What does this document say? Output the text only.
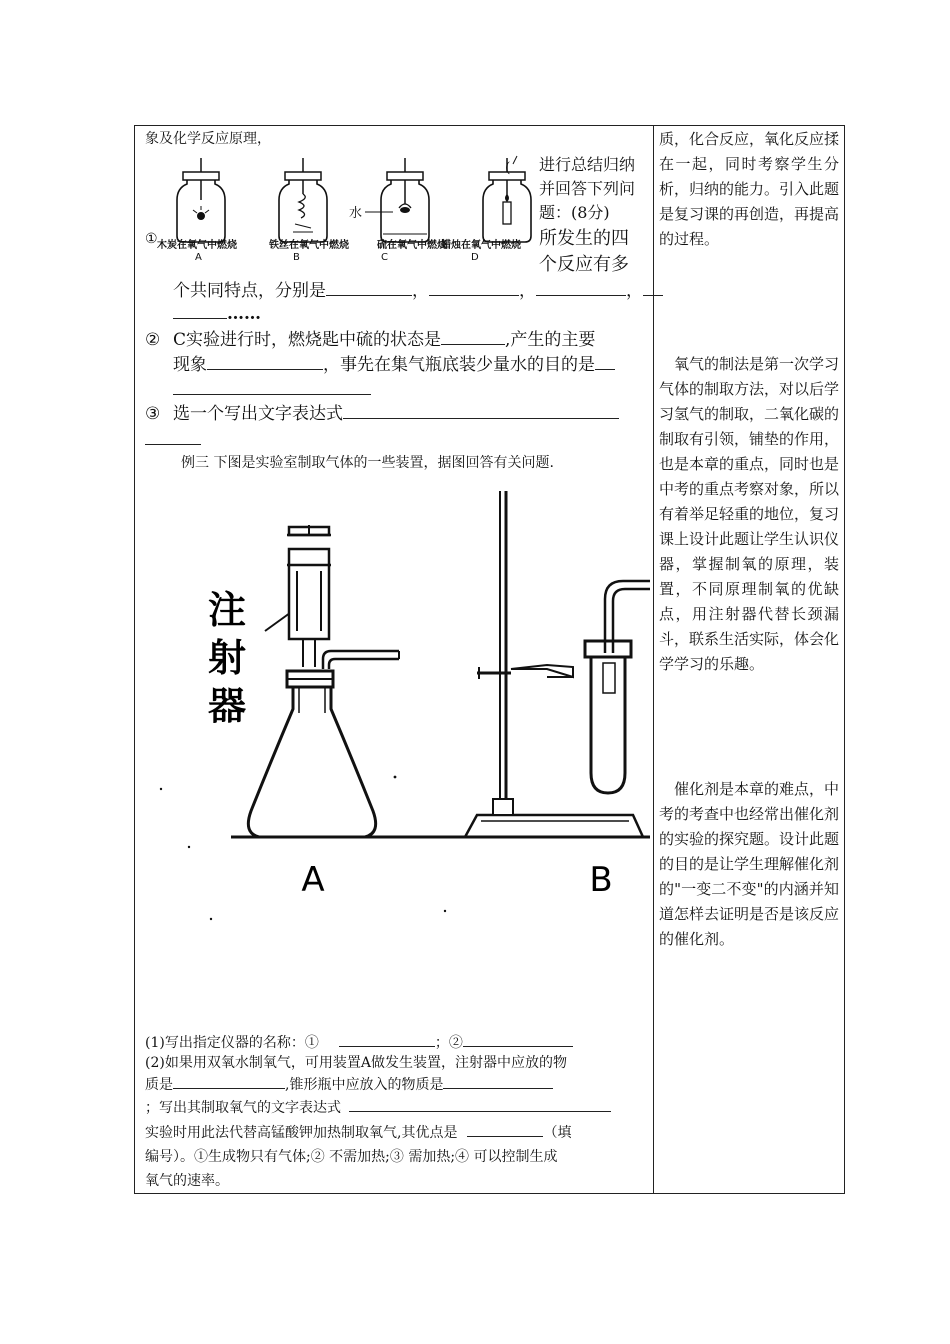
象及化学反应原理，
水
① 木炭在氧气中燃烧	铁丝在氧气中燃烧	硫在氧气中燃烧
蜡烛在氧气中燃烧
A	B	C	D
( 进行总结归纳
并回答下列问
题：(8分)
所发生的四
个反应有多
个共同特点，分别是	，	，	，
……
② C实验进行时，燃烧匙中硫的状态是	,产生的主要
现象	，事先在集气瓶底装少量水的目的是
③ 选一个写出文字表达式
例三 下图是实验室制取气体的一些装置，据图回答有关问题.
注
射
器
A	B
(1)写出指定仪器的名称：①	；②
(2)如果用双氧水制氧气，可用装置A做发生装置，注射器中应放的物
质是	,锥形瓶中应放入的物质是
；写出其制取氧气的文字表达式
实验时用此法代替高锰酸钾加热制取氧气,其优点是	（填
编号）。①生成物只有气体;② 不需加热;③ 需加热;④ 可以控制生成
氧气的速率。
质，化合反应，氧化反应揉在一起，同时考察学生分析，归纳的能力。引入此题是复习课的再创造，再提高的过程。
氧气的制法是第一次学习气体的制取方法，对以后学习氢气的制取，二氧化碳的制取有引领，铺垫的作用，也是本章的重点，同时也是中考的重点考察对象，所以有着举足轻重的地位，复习课上设计此题让学生认识仪器，掌握制氧的原理，装置，不同原理制氧的优缺点，用注射器代替长颈漏斗，联系生活实际，体会化学学习的乐趣。
催化剂是本章的难点，中考的考查中也经常出催化剂的实验的探究题。设计此题的目的是让学生理解催化剂的"一变二不变"的内涵并知道怎样去证明是否是该反应的催化剂。
